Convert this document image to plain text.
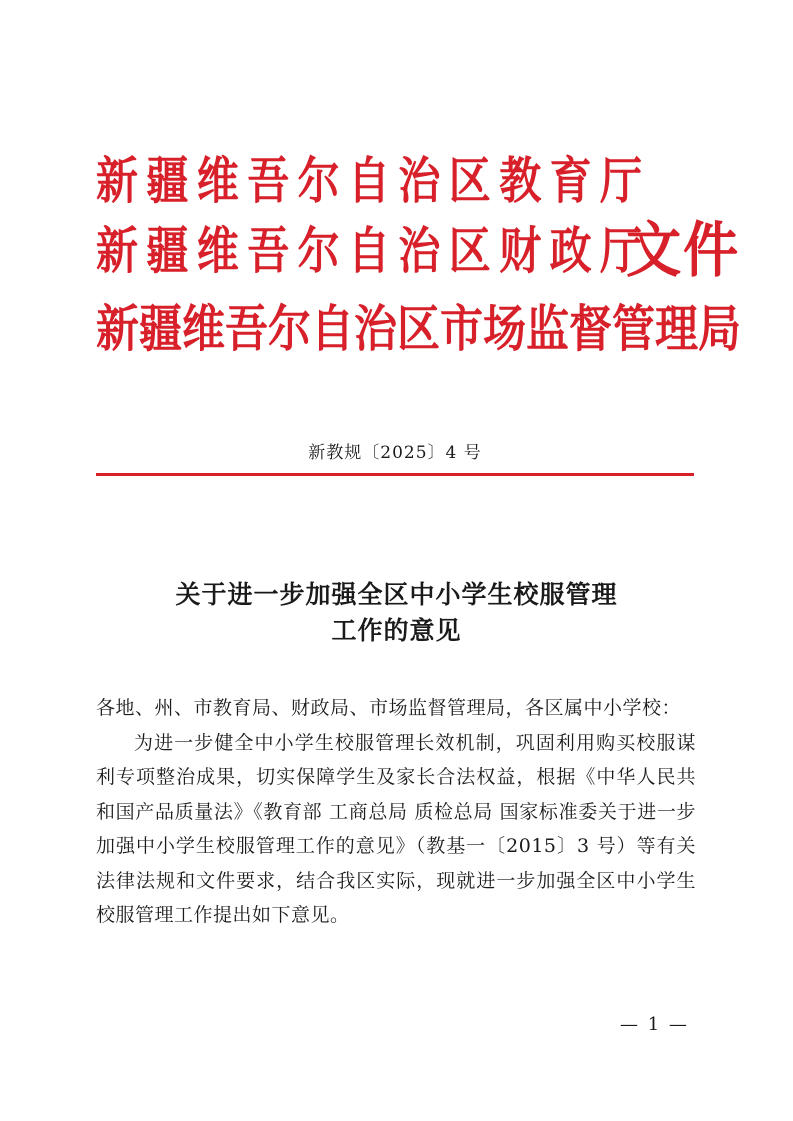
新疆维吾尔自治区教育厅
新疆维吾尔自治区财政厅
新疆维吾尔自治区市场监督管理局
文件
新教规〔2025〕4 号
关于进一步加强全区中小学生校服管理
工作的意见

各地、州、市教育局、财政局、市场监督管理局，各区属中小学校：

为进一步健全中小学生校服管理长效机制，巩固利用购买校服谋利专项整治成果，切实保障学生及家长合法权益，根据《中华人民共和国产品质量法》《教育部 工商总局 质检总局 国家标准委关于进一步加强中小学生校服管理工作的意见》（教基一〔2015〕3 号）等有关法律法规和文件要求，结合我区实际，现就进一步加强全区中小学生校服管理工作提出如下意见。

— 1 —
